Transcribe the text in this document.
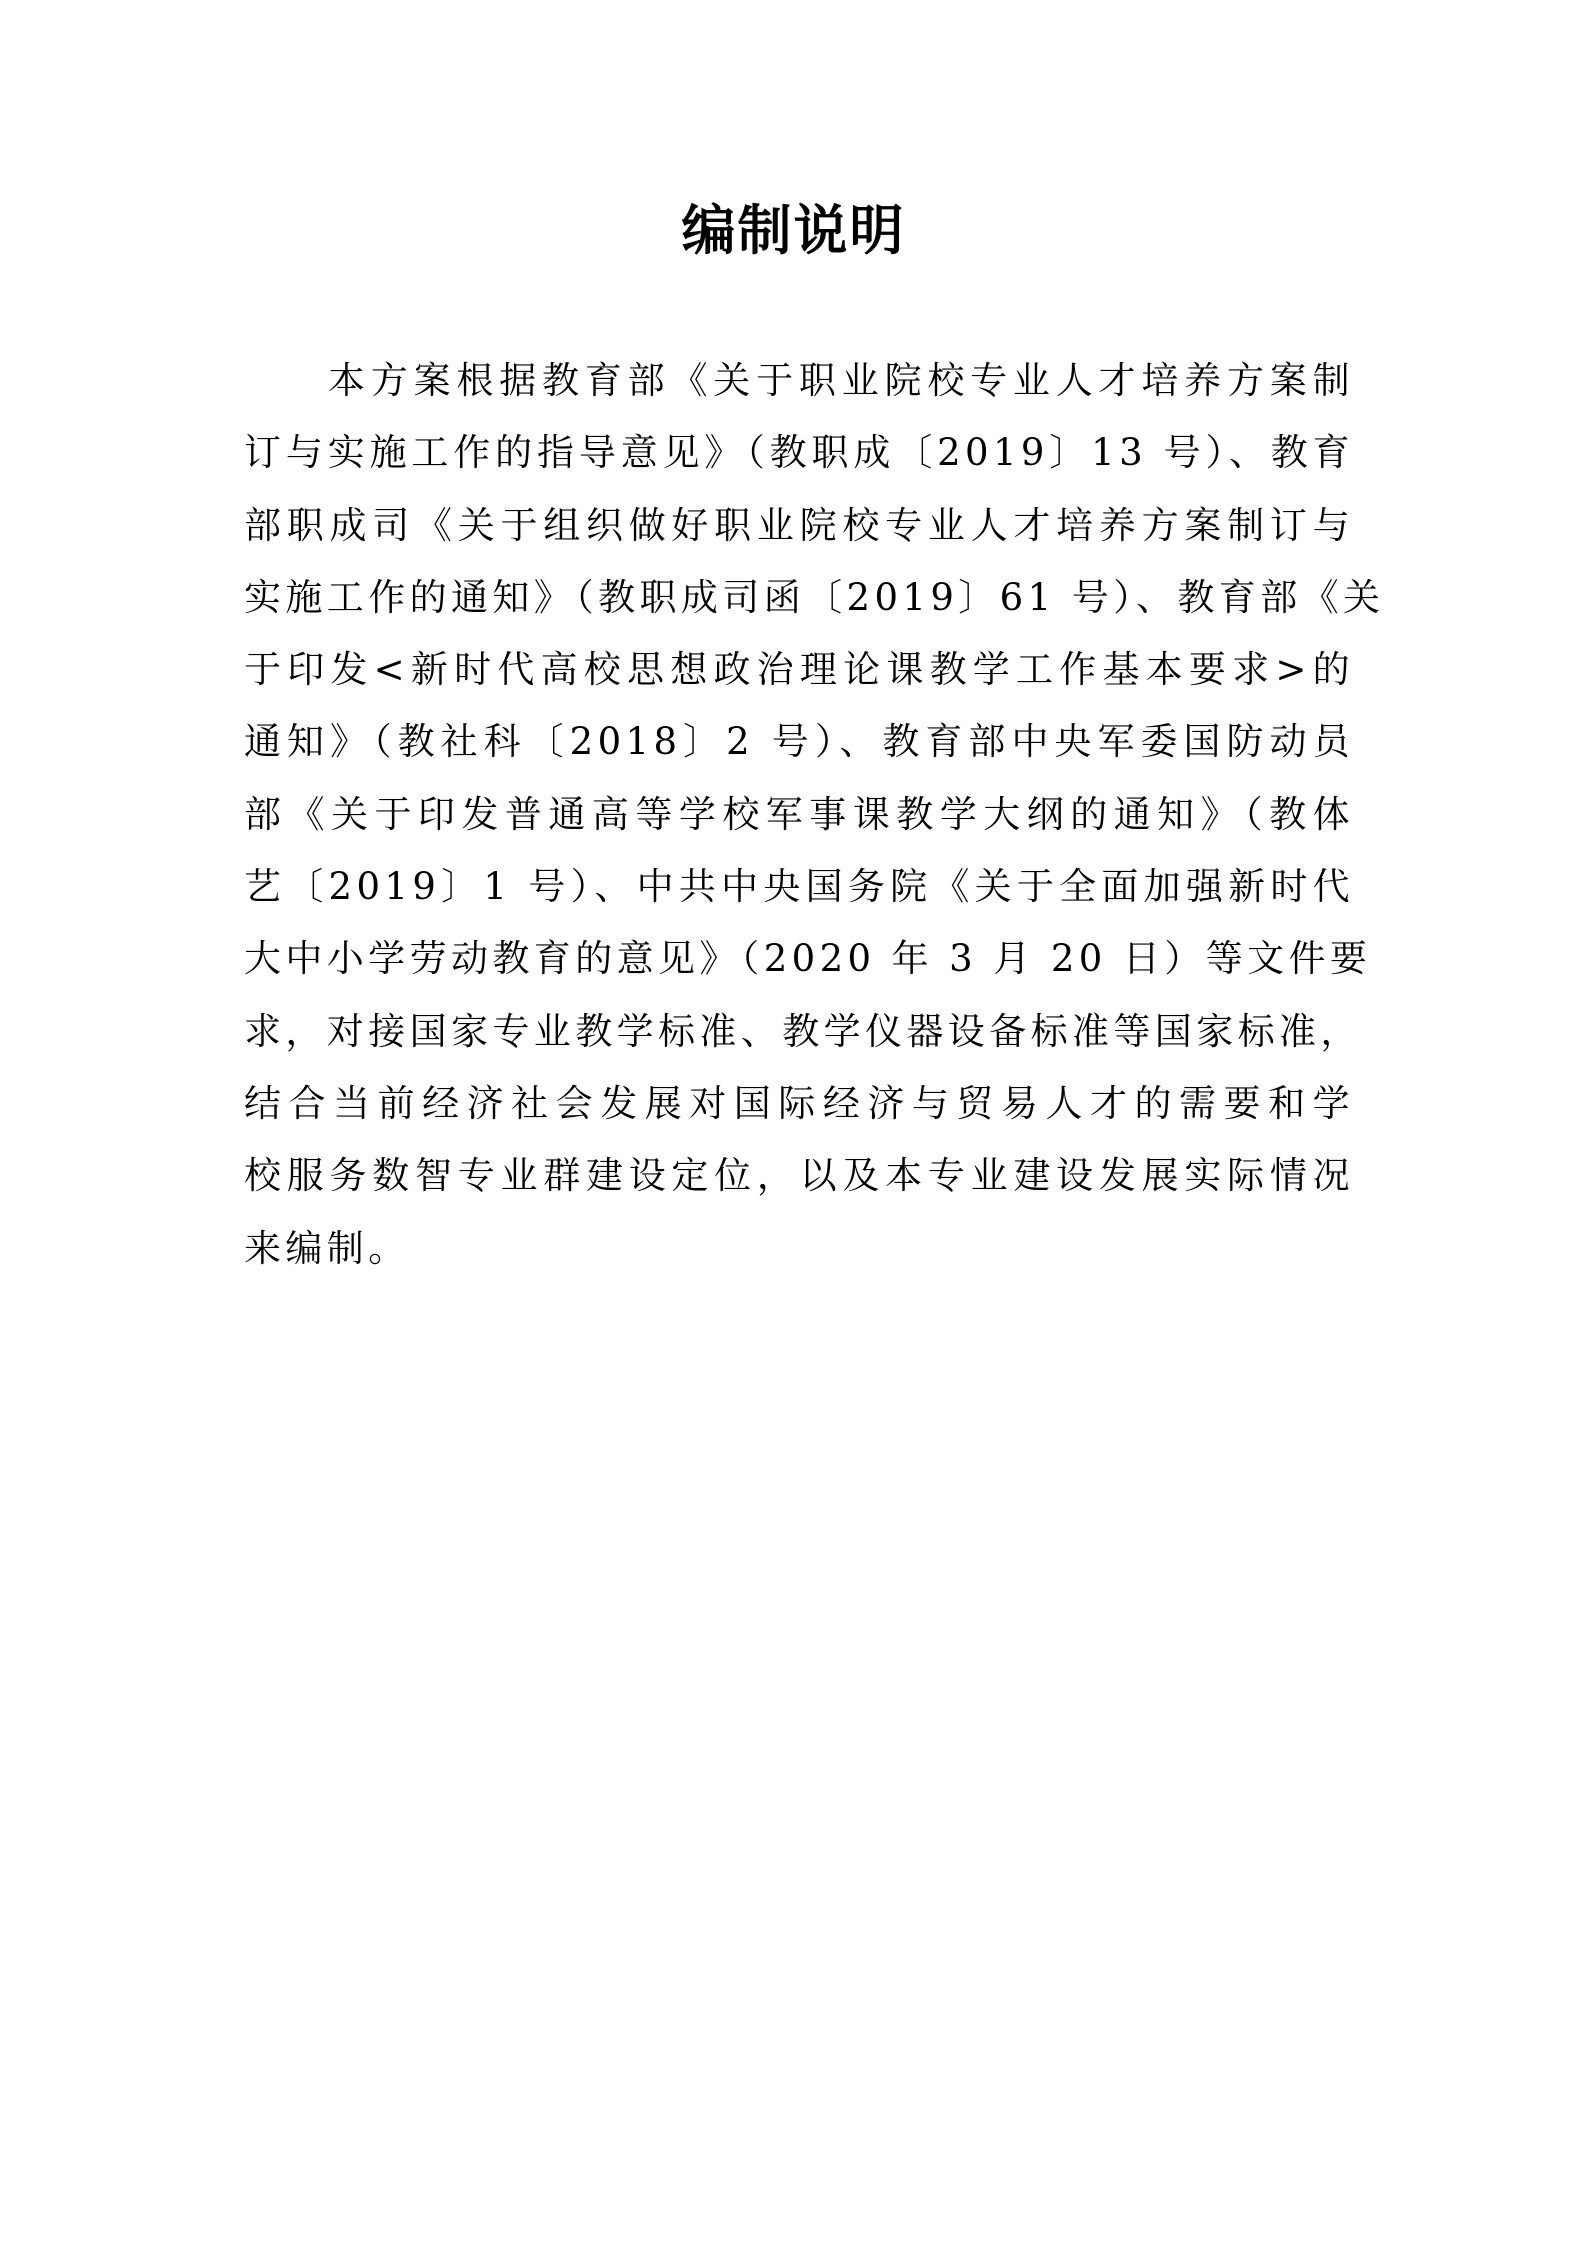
编制说明
本方案根据教育部《关于职业院校专业人才培养方案制
订与实施工作的指导意见》（教职成〔2019〕13 号）、教育
部职成司《关于组织做好职业院校专业人才培养方案制订与
实施工作的通知》（教职成司函〔2019〕61 号）、教育部《关
于印发<新时代高校思想政治理论课教学工作基本要求>的
通知》（教社科〔2018〕2 号）、教育部中央军委国防动员
部《关于印发普通高等学校军事课教学大纲的通知》（教体
艺〔2019〕1 号）、中共中央国务院《关于全面加强新时代
大中小学劳动教育的意见》（2020 年 3 月 20 日）等文件要
求，对接国家专业教学标准、教学仪器设备标准等国家标准，
结合当前经济社会发展对国际经济与贸易人才的需要和学
校服务数智专业群建设定位，以及本专业建设发展实际情况
来编制。
